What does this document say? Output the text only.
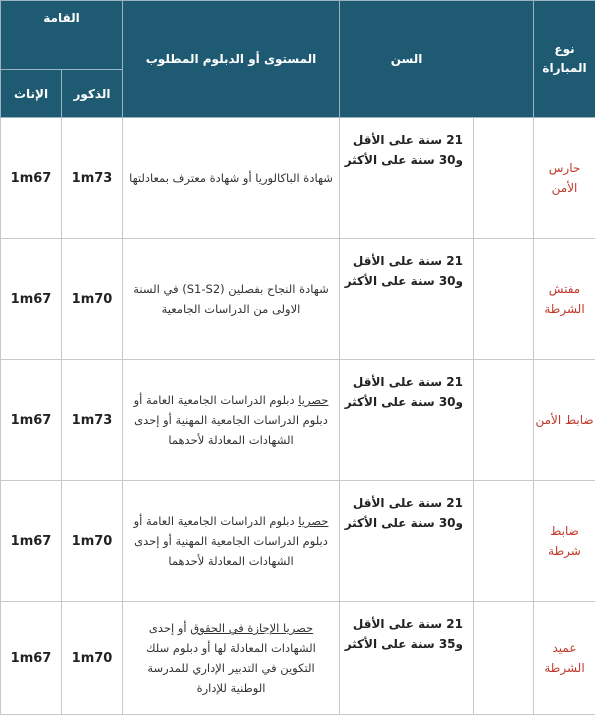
القامة		المستوى أو الدبلوم المطلوب	السن		نوع
المباراة

الإناث	الذكور				
1m67	1m73	شهادة الباكالوريا أو شهادة معترف بمعادلتها	21 سنة على الأقل
و30 سنة على الأكثر		حارس الأمن
1m67	1m70	شهادة النجاح بفصلين (S1-S2) في السنة الاولى من الدراسات الجامعية	21 سنة على الأقل
و30 سنة على الأكثر		مفتش الشرطة
1m67	1m73	حصريا دبلوم الدراسات الجامعية العامة أو دبلوم الدراسات الجامعية المهنية أو إحدى الشهادات المعادلة لأحدهما	21 سنة على الأقل
و30 سنة على الأكثر		ضابط الأمن
1m67	1m70	حصريا دبلوم الدراسات الجامعية العامة أو دبلوم الدراسات الجامعية المهنية أو إحدى الشهادات المعادلة لأحدهما	21 سنة على الأقل
و30 سنة على الأكثر		ضابط شرطة
1m67	1m70	حصريا الإجازة في الحقوق أو إحدى الشهادات المعادلة لها أو دبلوم سلك التكوين في التدبير الإداري للمدرسة الوطنية للإدارة	21 سنة على الأقل
و35 سنة على الأكثر		عميد الشرطة
